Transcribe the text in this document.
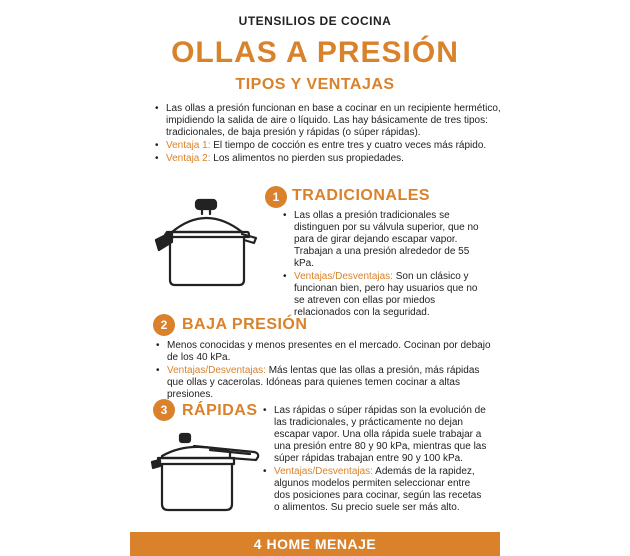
UTENSILIOS DE COCINA
OLLAS A PRESIÓN
TIPOS Y VENTAJAS
• Las ollas a presión funcionan en base a cocinar en un recipiente hermético, impidiendo la salida de aire o líquido. Las hay básicamente de tres tipos: tradicionales, de baja presión y rápidas (o súper rápidas).
• Ventaja 1: El tiempo de cocción es entre tres y cuatro veces más rápido.
• Ventaja 2: Los alimentos no pierden sus propiedades.
1 TRADICIONALES
• Las ollas a presión tradicionales se distinguen por su válvula superior, que no para de girar dejando escapar vapor. Trabajan a una presión alrededor de 55 kPa.
• Ventajas/Desventajas: Son un clásico y funcionan bien, pero hay usuarios que no se atreven con ellas por miedos relacionados con la seguridad.
2 BAJA PRESIÓN
• Menos conocidas y menos presentes en el mercado. Cocinan por debajo de los 40 kPa.
• Ventajas/Desventajas: Más lentas que las ollas a presión, más rápidas que ollas y cacerolas. Idóneas para quienes temen cocinar a altas presiones.
3 RÁPIDAS
•	Las rápidas o súper rápidas son la evolución de las tradicionales, y prácticamente no dejan escapar vapor. Una olla rápida suele trabajar a una presión entre 80 y 90 kPa, mientras que las súper rápidas trabajan entre 90 y 100 kPa.
• Ventajas/Desventajas: Además de la rapidez, algunos modelos permiten seleccionar entre dos posiciones para cocinar, según las recetas o alimentos. Su precio suele ser más alto.
4 HOME MENAJE
